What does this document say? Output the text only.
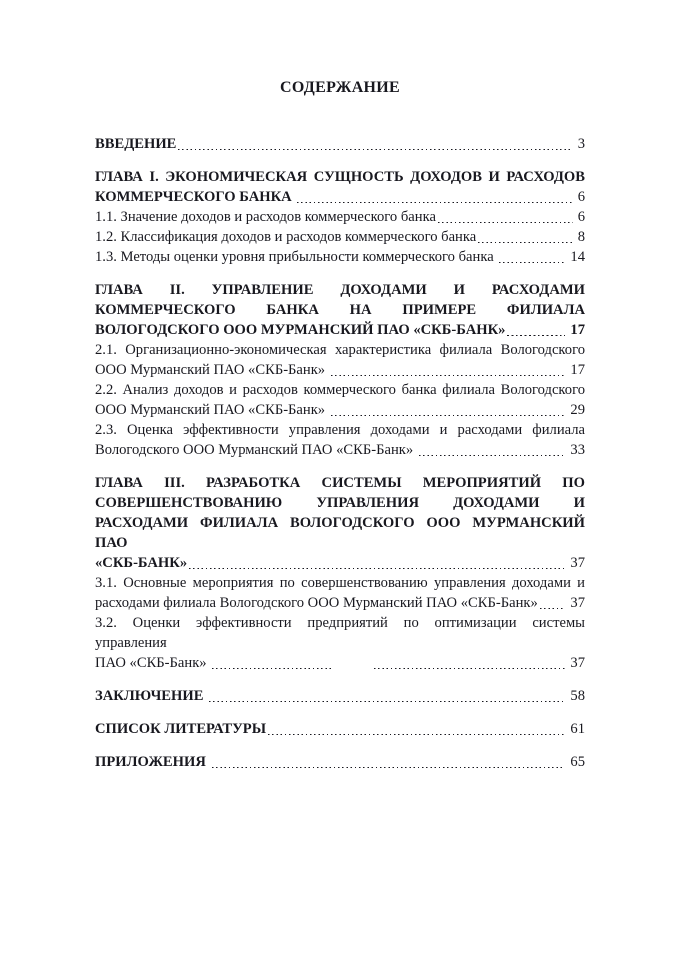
СОДЕРЖАНИЕ
ВВЕДЕНИЕ	3
ГЛАВА I. ЭКОНОМИЧЕСКАЯ СУЩНОСТЬ ДОХОДОВ И РАСХОДОВ
КОММЕРЧЕСКОГО БАНКА	6
1.1. Значение доходов и расходов коммерческого банка	6
1.2. Классификация доходов и расходов коммерческого банка	8
1.3. Методы оценки уровня прибыльности коммерческого банка	14
ГЛАВА II. УПРАВЛЕНИЕ ДОХОДАМИ И РАСХОДАМИ
КОММЕРЧЕСКОГО БАНКА НА ПРИМЕРЕ ФИЛИАЛА
ВОЛОГОДСКОГО ООО МУРМАНСКИЙ ПАО «СКБ-БАНК»	17
2.1. Организационно-экономическая характеристика филиала Вологодского
ООО Мурманский ПАО «СКБ-Банк»	17
2.2. Анализ доходов и расходов коммерческого банка филиала Вологодского
ООО Мурманский ПАО «СКБ-Банк»	29
2.3. Оценка эффективности управления доходами и расходами филиала
Вологодского ООО Мурманский ПАО «СКБ-Банк»	33
ГЛАВА III. РАЗРАБОТКА СИСТЕМЫ МЕРОПРИЯТИЙ ПО
СОВЕРШЕНСТВОВАНИЮ УПРАВЛЕНИЯ ДОХОДАМИ И
РАСХОДАМИ ФИЛИАЛА ВОЛОГОДСКОГО ООО МУРМАНСКИЙ ПАО
«СКБ-БАНК»	37
3.1. Основные мероприятия по совершенствованию управления доходами и
расходами филиала Вологодского ООО Мурманский ПАО «СКБ-Банк» 37
3.2. Оценки эффективности предприятий по оптимизации системы управления
ПАО «СКБ-Банк»	37
ЗАКЛЮЧЕНИЕ	58
СПИСОК ЛИТЕРАТУРЫ	61
ПРИЛОЖЕНИЯ	65
